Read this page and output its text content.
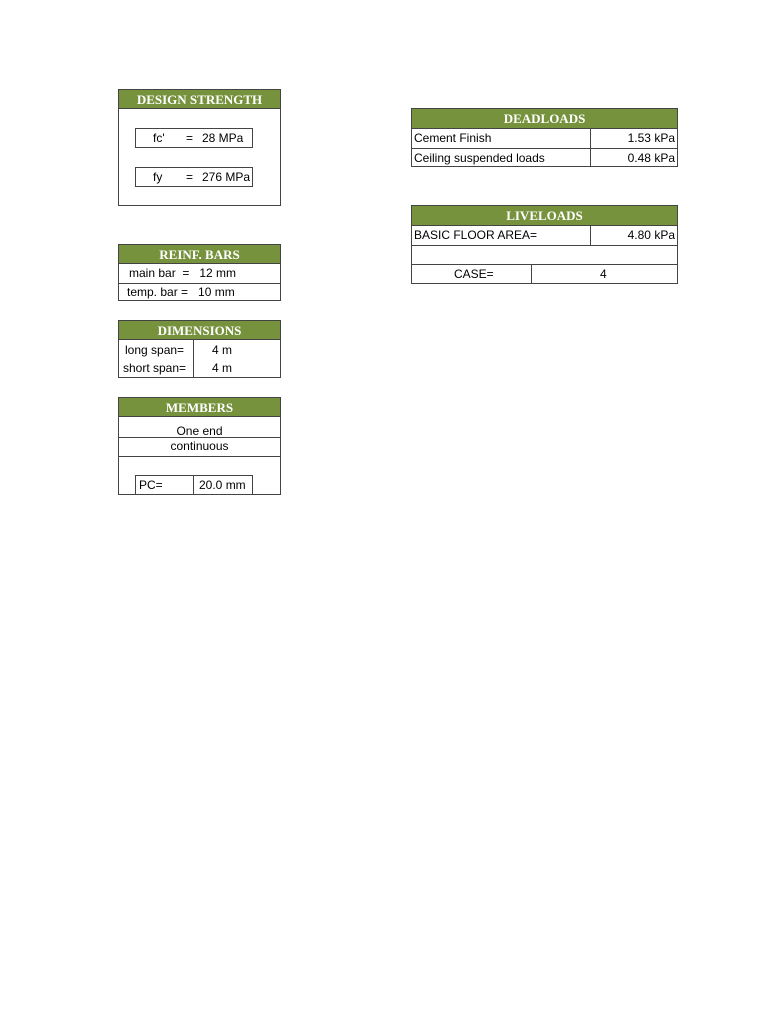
DESIGN STRENGTH
fc' = 28 MPa
fy = 276 MPa
REINF. BARS
main bar  =   12 mm
temp. bar =   10 mm
DIMENSIONS
long span= 4 m
short span= 4 m
MEMBERS
One end
continuous
PC=	20.0 mm
DEADLOADS
Cement Finish	1.53 kPa
Ceiling suspended loads	0.48 kPa
LIVELOADS
BASIC FLOOR AREA=	4.80 kPa
CASE=	4
